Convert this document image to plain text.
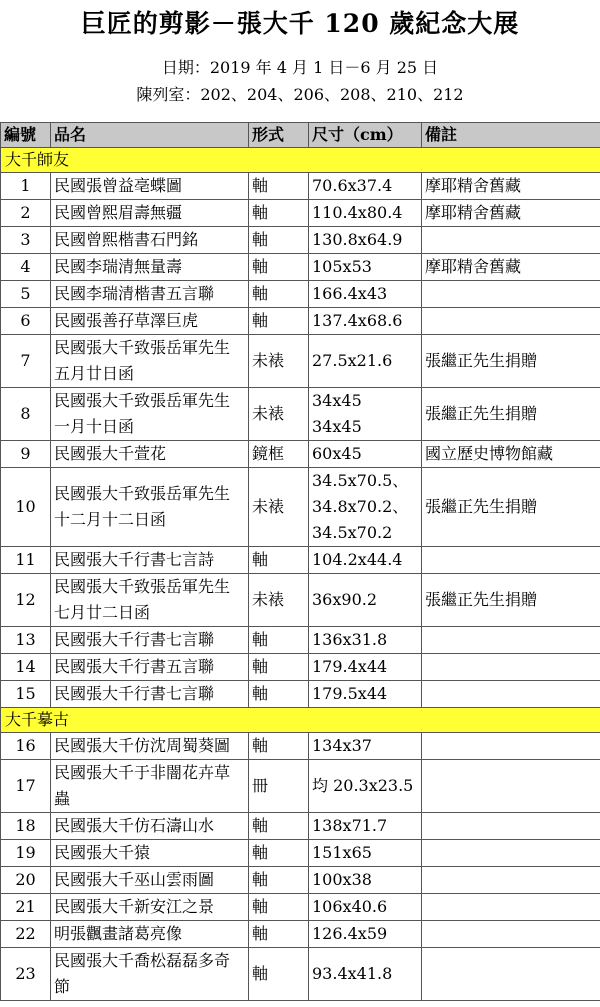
巨匠的剪影－張大千 120 歲紀念大展
日期：2019 年 4 月 1 日－6 月 25 日
陳列室：202、204、206、208、210、212
編號	品名	形式	尺寸（cm）	備註
大千師友				
1	民國張曾益亳蝶圖	軸	70.6x37.4	摩耶精舍舊藏
2	民國曾熙眉壽無疆	軸	110.4x80.4	摩耶精舍舊藏
3	民國曾熙楷書石門銘	軸	130.8x64.9	

4	民國李瑞清無量壽	軸	105x53	摩耶精舍舊藏
5	民國李瑞清楷書五言聯	軸	166.4x43	

6	民國張善孖草澤巨虎	軸	137.4x68.6	

7	民國張大千致張岳軍先生
五月廿日函	未裱	27.5x21.6	張繼正先生捐贈
8	民國張大千致張岳軍先生
一月十日函	未裱	34x45
34x45	張繼正先生捐贈
9	民國張大千萱花	鏡框	60x45	國立歷史博物館藏
10	民國張大千致張岳軍先生
十二月十二日函	未裱	34.5x70.5、
34.8x70.2、
34.5x70.2	張繼正先生捐贈
11	民國張大千行書七言詩	軸	104.2x44.4	

12	民國張大千致張岳軍先生
七月廿二日函	未裱	36x90.2	張繼正先生捐贈
13	民國張大千行書七言聯	軸	136x31.8	

14	民國張大千行書五言聯	軸	179.4x44	

15	民國張大千行書七言聯	軸	179.5x44	

大千摹古				
16	民國張大千仿沈周蜀葵圖	軸	134x37	

17	民國張大千于非闇花卉草
蟲	冊	均 20.3x23.5	

18	民國張大千仿石濤山水	軸	138x71.7	

19	民國張大千猿	軸	151x65	

20	民國張大千巫山雲雨圖	軸	100x38	

21	民國張大千新安江之景	軸	106x40.6	

22	明張飌畫諸葛亮像	軸	126.4x59	

23	民國張大千喬松磊磊多奇
節	軸	93.4x41.8	
